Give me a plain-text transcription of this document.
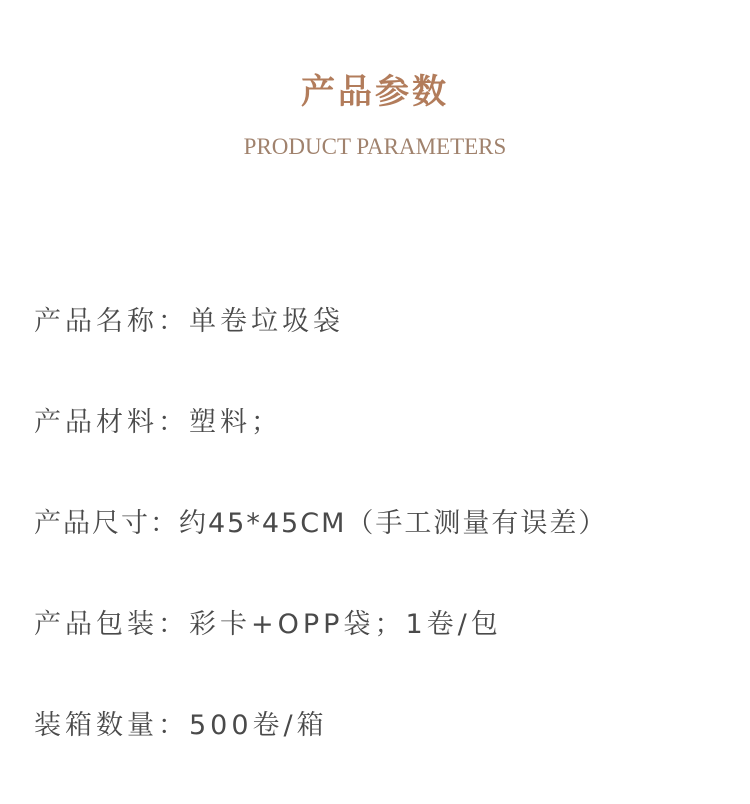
产品参数

PRODUCT PARAMETERS

产品名称：单卷垃圾袋
产品材料：塑料；
产品尺寸：约45*45CM（手工测量有误差）
产品包装：彩卡+OPP袋；1卷/包
装箱数量：500卷/箱
